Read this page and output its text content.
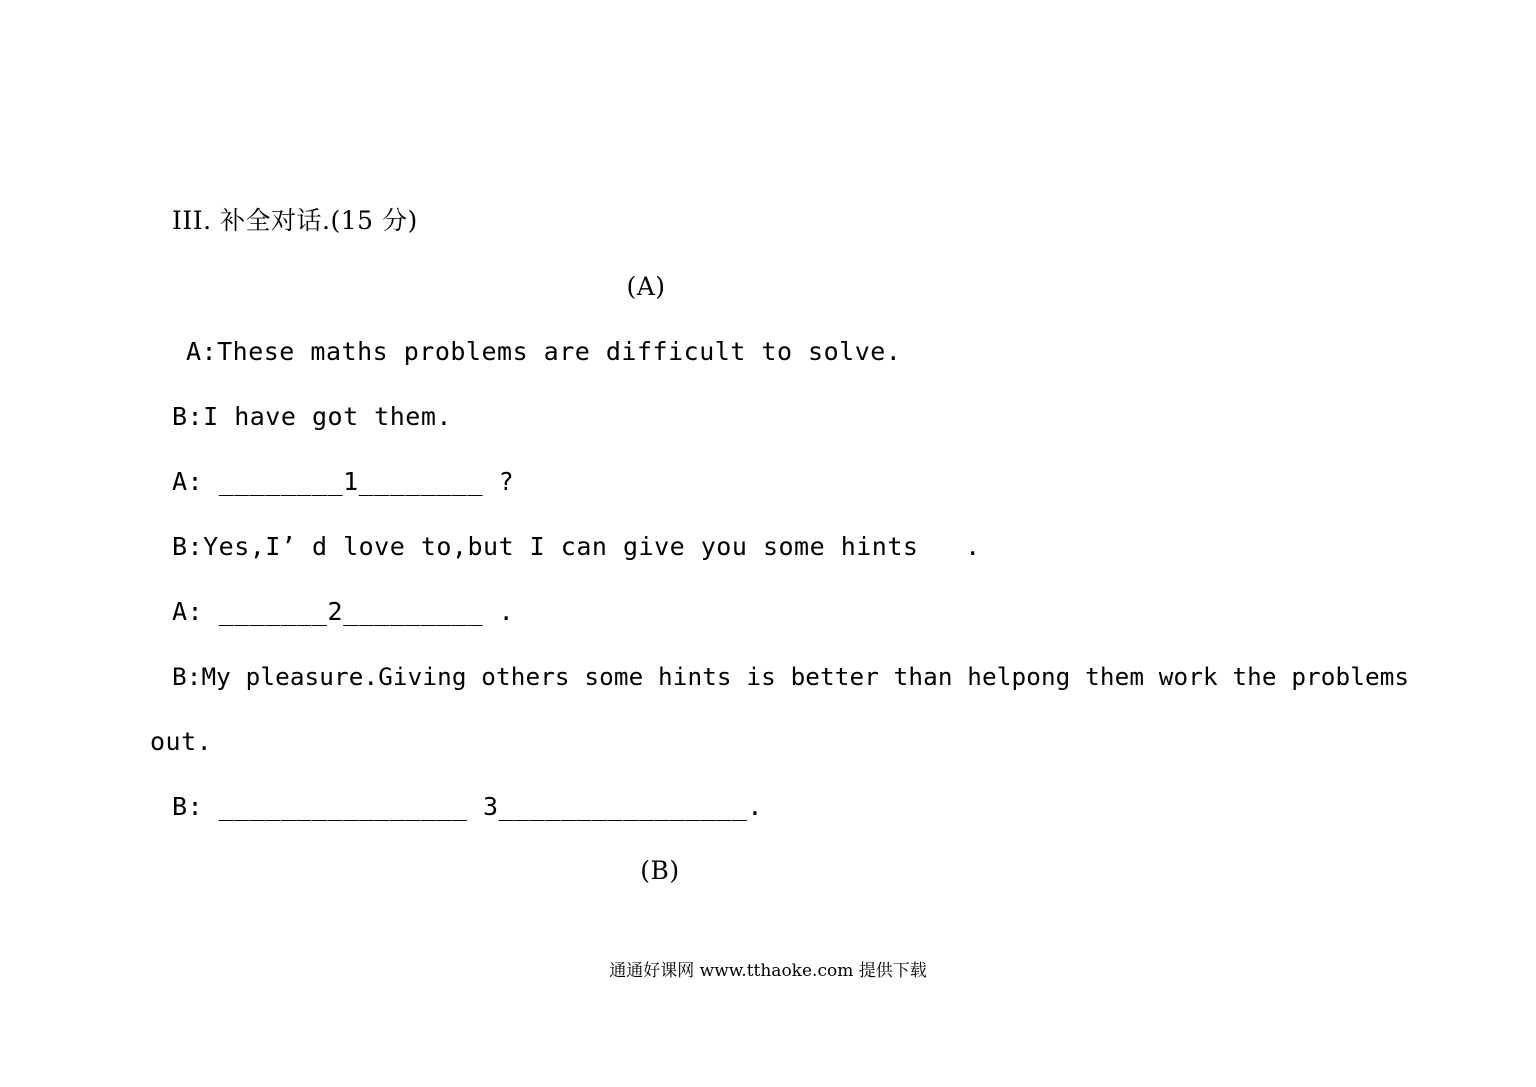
III. 补全对话.(15 分)
(A)
A:These maths problems are difficult to solve.
B:I have got them.
A: ________1________ ?
B:Yes,I’ d love to,but I can give you some hints   .
A: _______2_________ .
B:My pleasure.Giving others some hints is better than helpong them work the problems
out.
B: ________________ 3________________.
(B)
通通好课网 www.tthaoke.com 提供下载
